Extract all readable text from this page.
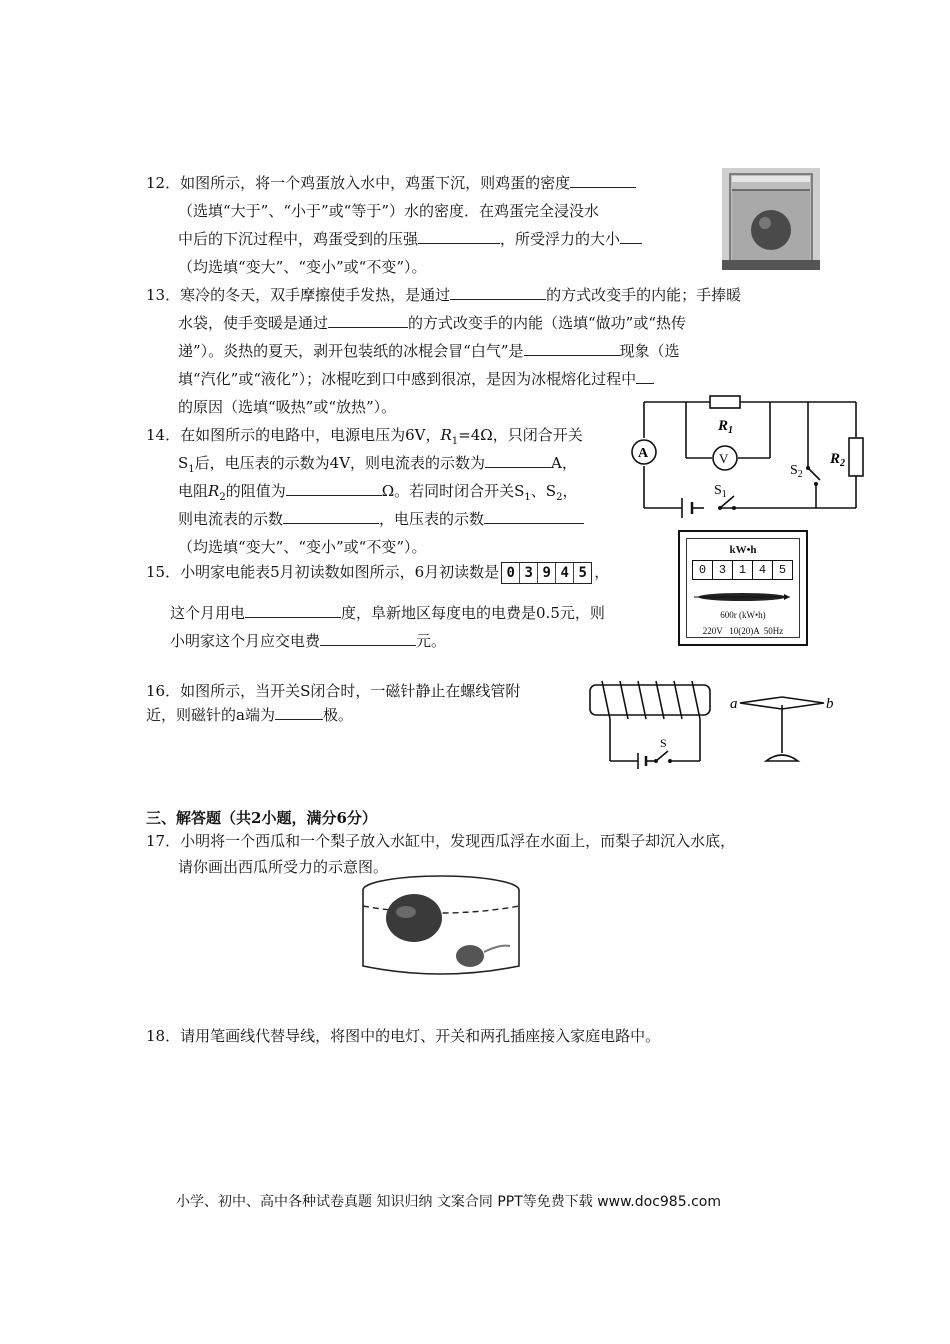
12．如图所示，将一个鸡蛋放入水中，鸡蛋下沉，则鸡蛋的密度
（选填“大于”、“小于”或“等于”）水的密度．在鸡蛋完全浸没水
中后的下沉过程中，鸡蛋受到的压强	，所受浮力的大小
（均选填“变大”、“变小”或“不变”）。
13．寒冷的冬天，双手摩擦使手发热，是通过	的方式改变手的内能；手捧暖
水袋，使手变暖是通过	的方式改变手的内能（选填“做功”或“热传
递”）。炎热的夏天，剥开包装纸的冰棍会冒“白气”是	现象（选
填“汽化”或“液化”）；冰棍吃到口中感到很凉，是因为冰棍熔化过程中
的原因（选填“吸热”或“放热”）。
14．在如图所示的电路中，电源电压为6V，$R_1=4\Omega$，只闭合开关
$S_1$后，电压表的示数为4V，则电流表的示数为	A，
电阻$R_2$的阻值为	Ω。若同时闭合开关$S_1$、$S_2$，
则电流表的示数	，电压表的示数
（均选填“变大”、“变小”或“不变”）。
A	V
$R_1$
$R_2$
$S_1$
$S_2$
15．小明家电能表5月初读数如图所示，6月初读数是 0 3 9 4 5 ，
这个月用电	度，阜新地区每度电的电费是0.5元，则
小明家这个月应交电费	元。
kW•h
0	3	1	4	5
600r (kW•h)
220V   10(20)A  50Hz
16．如图所示，当开关S闭合时，一磁针静止在螺线管附
近，则磁针的a端为	极。
a	b
S
三、解答题（共2小题，满分6分）
17．小明将一个西瓜和一个梨子放入水缸中，发现西瓜浮在水面上，而梨子却沉入水底，
请你画出西瓜所受力的示意图。
18．请用笔画线代替导线，将图中的电灯、开关和两孔插座接入家庭电路中。
小学、初中、高中各种试卷真题 知识归纳 文案合同 PPT等免费下载 www.doc985.com
